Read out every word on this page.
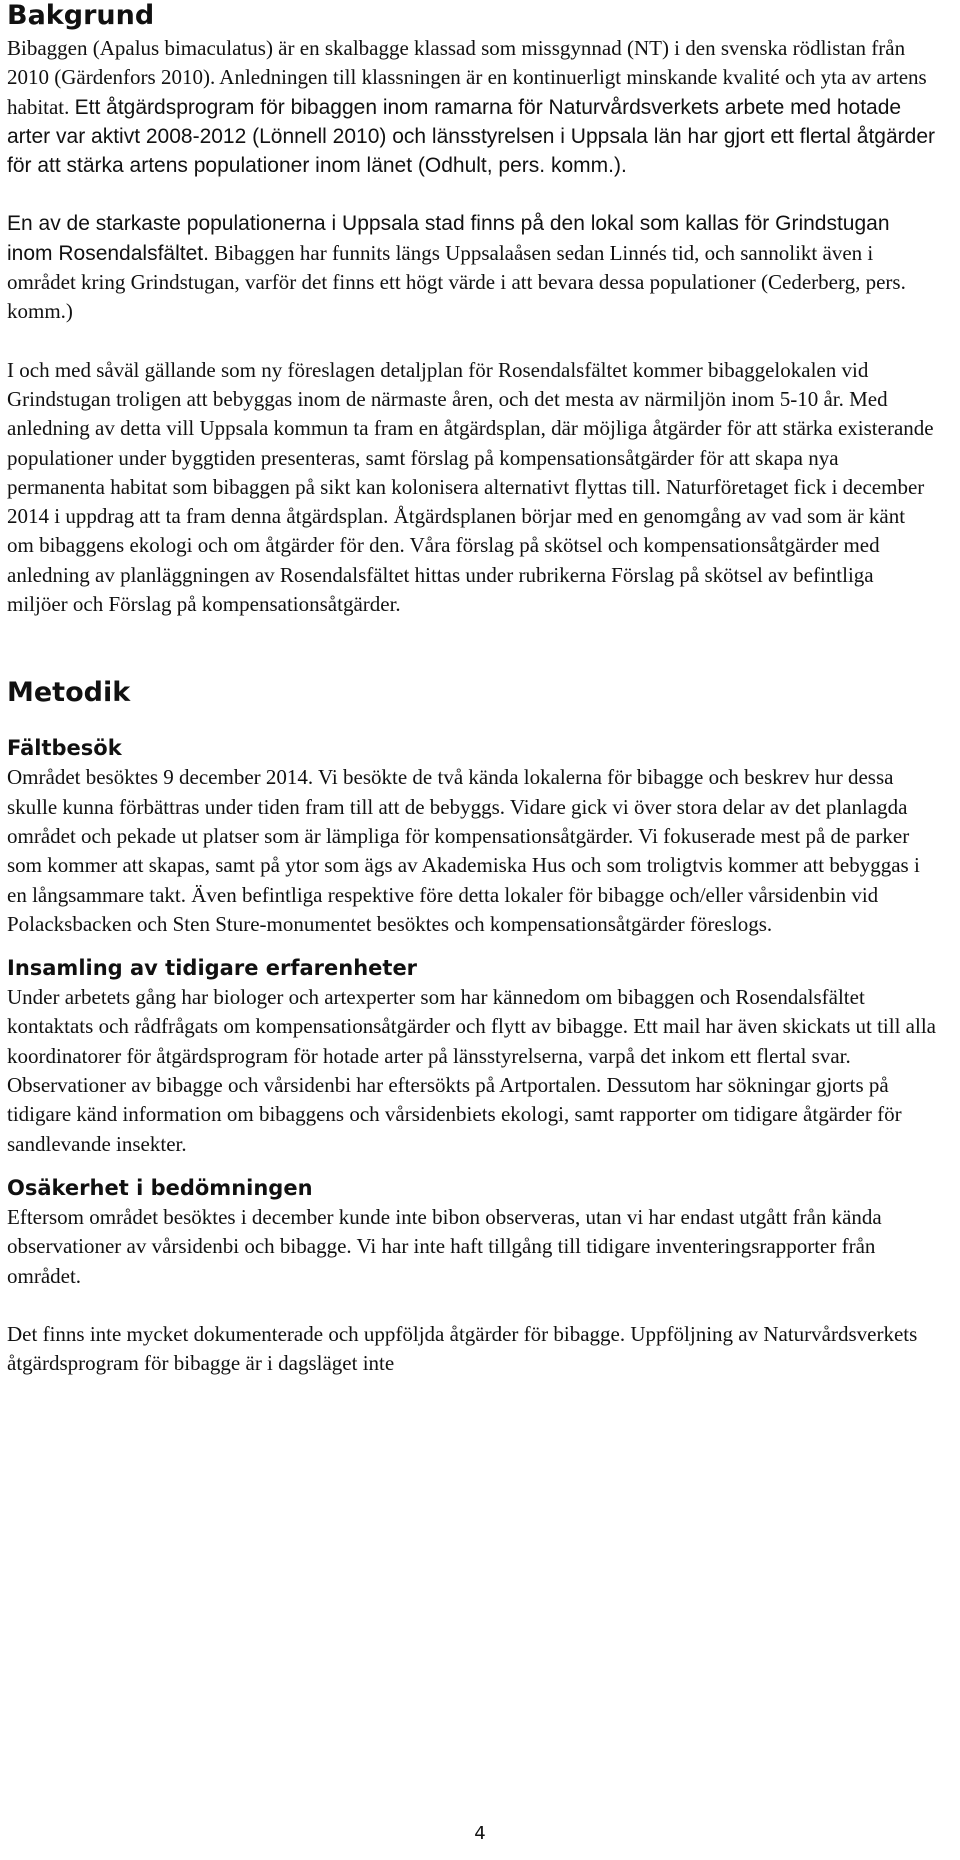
Bakgrund

Bibaggen (Apalus bimaculatus) är en skalbagge klassad som missgynnad (NT) i den svenska rödlistan från 2010 (Gärdenfors 2010). Anledningen till klassningen är en kontinuerligt minskande kvalité och yta av artens habitat. Ett åtgärdsprogram för bibaggen inom ramarna för Naturvårdsverkets arbete med hotade arter var aktivt 2008-2012 (Lönnell 2010) och länsstyrelsen i Uppsala län har gjort ett flertal åtgärder för att stärka artens populationer inom länet (Odhult, pers. komm.).

En av de starkaste populationerna i Uppsala stad finns på den lokal som kallas för Grindstugan inom Rosendalsfältet. Bibaggen har funnits längs Uppsalaåsen sedan Linnés tid, och sannolikt även i området kring Grindstugan, varför det finns ett högt värde i att bevara dessa populationer (Cederberg, pers. komm.)

I och med såväl gällande som ny föreslagen detaljplan för Rosendalsfältet kommer bibaggelokalen vid Grindstugan troligen att bebyggas inom de närmaste åren, och det mesta av närmiljön inom 5-10 år. Med anledning av detta vill Uppsala kommun ta fram en åtgärdsplan, där möjliga åtgärder för att stärka existerande populationer under byggtiden presenteras, samt förslag på kompensationsåtgärder för att skapa nya permanenta habitat som bibaggen på sikt kan kolonisera alternativt flyttas till. Naturföretaget fick i december 2014 i uppdrag att ta fram denna åtgärdsplan. Åtgärdsplanen börjar med en genomgång av vad som är känt om bibaggens ekologi och om åtgärder för den. Våra förslag på skötsel och kompensationsåtgärder med anledning av planläggningen av Rosendalsfältet hittas under rubrikerna Förslag på skötsel av befintliga miljöer och Förslag på kompensationsåtgärder.

Metodik
Fältbesök

Området besöktes 9 december 2014. Vi besökte de två kända lokalerna för bibagge och beskrev hur dessa skulle kunna förbättras under tiden fram till att de bebyggs. Vidare gick vi över stora delar av det planlagda området och pekade ut platser som är lämpliga för kompensationsåtgärder. Vi fokuserade mest på de parker som kommer att skapas, samt på ytor som ägs av Akademiska Hus och som troligtvis kommer att bebyggas i en långsammare takt. Även befintliga respektive före detta lokaler för bibagge och/eller vårsidenbin vid Polacksbacken och Sten Sture-monumentet besöktes och kompensationsåtgärder föreslogs.

Insamling av tidigare erfarenheter

Under arbetets gång har biologer och artexperter som har kännedom om bibaggen och Rosendalsfältet kontaktats och rådfrågats om kompensationsåtgärder och flytt av bibagge. Ett mail har även skickats ut till alla koordinatorer för åtgärdsprogram för hotade arter på länsstyrelserna, varpå det inkom ett flertal svar. Observationer av bibagge och vårsidenbi har eftersökts på Artportalen. Dessutom har sökningar gjorts på tidigare känd information om bibaggens och vårsidenbiets ekologi, samt rapporter om tidigare åtgärder för sandlevande insekter.

Osäkerhet i bedömningen

Eftersom området besöktes i december kunde inte bibon observeras, utan vi har endast utgått från kända observationer av vårsidenbi och bibagge. Vi har inte haft tillgång till tidigare inventeringsrapporter från området.

Det finns inte mycket dokumenterade och uppföljda åtgärder för bibagge. Uppföljning av Naturvårdsverkets åtgärdsprogram för bibagge är i dagsläget inte

4
